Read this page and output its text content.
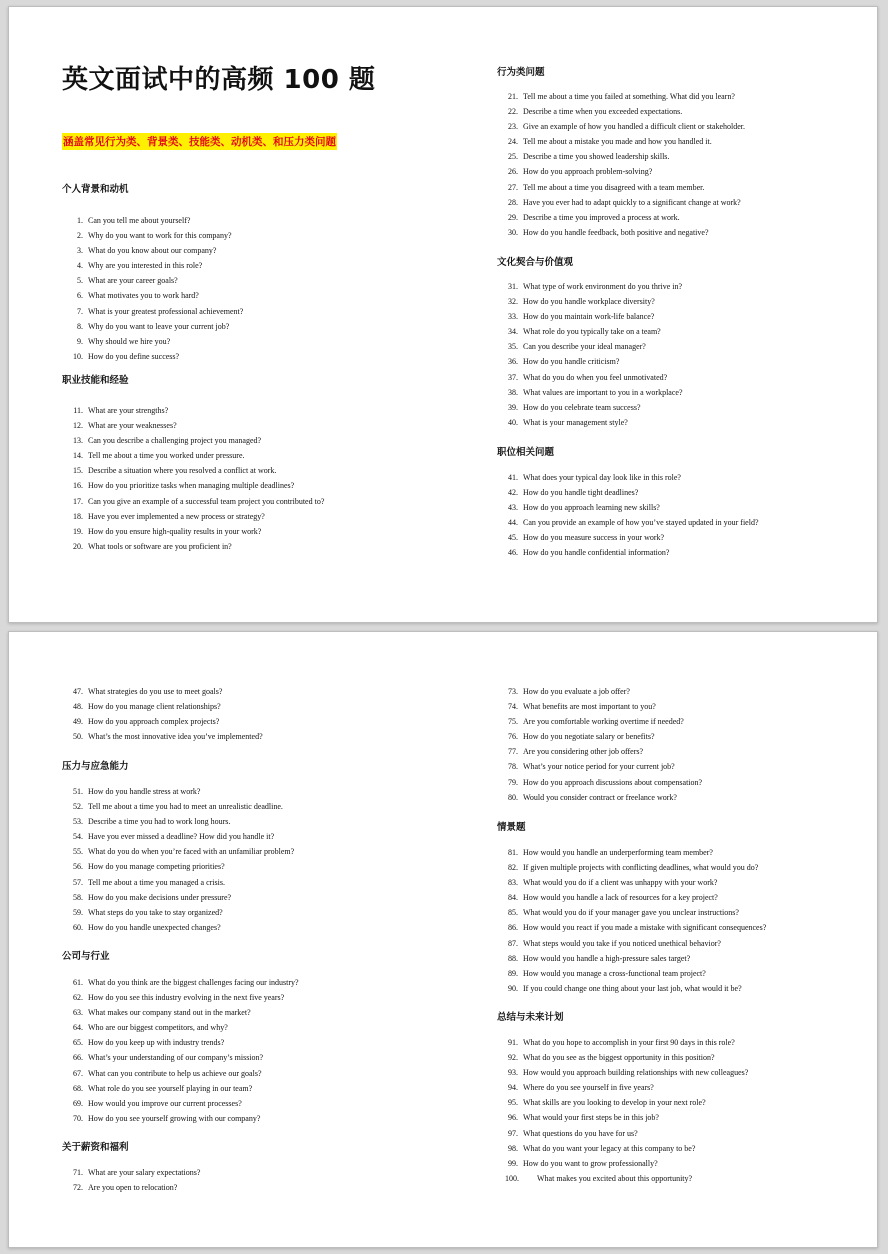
英文面试中的高频 100 题
涵盖常见行为类、背景类、技能类、动机类、和压力类问题
个人背景和动机
1. Can you tell me about yourself?
2. Why do you want to work for this company?
3. What do you know about our company?
4. Why are you interested in this role?
5. What are your career goals?
6. What motivates you to work hard?
7. What is your greatest professional achievement?
8. Why do you want to leave your current job?
9. Why should we hire you?
10. How do you define success?
职业技能和经验
11. What are your strengths?
12. What are your weaknesses?
13. Can you describe a challenging project you managed?
14. Tell me about a time you worked under pressure.
15. Describe a situation where you resolved a conflict at work.
16. How do you prioritize tasks when managing multiple deadlines?
17. Can you give an example of a successful team project you contributed to?
18. Have you ever implemented a new process or strategy?
19. How do you ensure high-quality results in your work?
20. What tools or software are you proficient in?
行为类问题
21. Tell me about a time you failed at something. What did you learn?
22. Describe a time when you exceeded expectations.
23. Give an example of how you handled a difficult client or stakeholder.
24. Tell me about a mistake you made and how you handled it.
25. Describe a time you showed leadership skills.
26. How do you approach problem-solving?
27. Tell me about a time you disagreed with a team member.
28. Have you ever had to adapt quickly to a significant change at work?
29. Describe a time you improved a process at work.
30. How do you handle feedback, both positive and negative?
文化契合与价值观
31. What type of work environment do you thrive in?
32. How do you handle workplace diversity?
33. How do you maintain work-life balance?
34. What role do you typically take on a team?
35. Can you describe your ideal manager?
36. How do you handle criticism?
37. What do you do when you feel unmotivated?
38. What values are important to you in a workplace?
39. How do you celebrate team success?
40. What is your management style?
职位相关问题
41. What does your typical day look like in this role?
42. How do you handle tight deadlines?
43. How do you approach learning new skills?
44. Can you provide an example of how you’ve stayed updated in your field?
45. How do you measure success in your work?
46. How do you handle confidential information?
47. What strategies do you use to meet goals?
48. How do you manage client relationships?
49. How do you approach complex projects?
50. What’s the most innovative idea you’ve implemented?
压力与应急能力
51. How do you handle stress at work?
52. Tell me about a time you had to meet an unrealistic deadline.
53. Describe a time you had to work long hours.
54. Have you ever missed a deadline? How did you handle it?
55. What do you do when you’re faced with an unfamiliar problem?
56. How do you manage competing priorities?
57. Tell me about a time you managed a crisis.
58. How do you make decisions under pressure?
59. What steps do you take to stay organized?
60. How do you handle unexpected changes?
公司与行业
61. What do you think are the biggest challenges facing our industry?
62. How do you see this industry evolving in the next five years?
63. What makes our company stand out in the market?
64. Who are our biggest competitors, and why?
65. How do you keep up with industry trends?
66. What’s your understanding of our company’s mission?
67. What can you contribute to help us achieve our goals?
68. What role do you see yourself playing in our team?
69. How would you improve our current processes?
70. How do you see yourself growing with our company?
关于薪资和福利
71. What are your salary expectations?
72. Are you open to relocation?
73. How do you evaluate a job offer?
74. What benefits are most important to you?
75. Are you comfortable working overtime if needed?
76. How do you negotiate salary or benefits?
77. Are you considering other job offers?
78. What’s your notice period for your current job?
79. How do you approach discussions about compensation?
80. Would you consider contract or freelance work?
情景题
81. How would you handle an underperforming team member?
82. If given multiple projects with conflicting deadlines, what would you do?
83. What would you do if a client was unhappy with your work?
84. How would you handle a lack of resources for a key project?
85. What would you do if your manager gave you unclear instructions?
86. How would you react if you made a mistake with significant consequences?
87. What steps would you take if you noticed unethical behavior?
88. How would you handle a high-pressure sales target?
89. How would you manage a cross-functional team project?
90. If you could change one thing about your last job, what would it be?
总结与未来计划
91. What do you hope to accomplish in your first 90 days in this role?
92. What do you see as the biggest opportunity in this position?
93. How would you approach building relationships with new colleagues?
94. Where do you see yourself in five years?
95. What skills are you looking to develop in your next role?
96. What would your first steps be in this job?
97. What questions do you have for us?
98. What do you want your legacy at this company to be?
99. How do you want to grow professionally?
100. What makes you excited about this opportunity?
